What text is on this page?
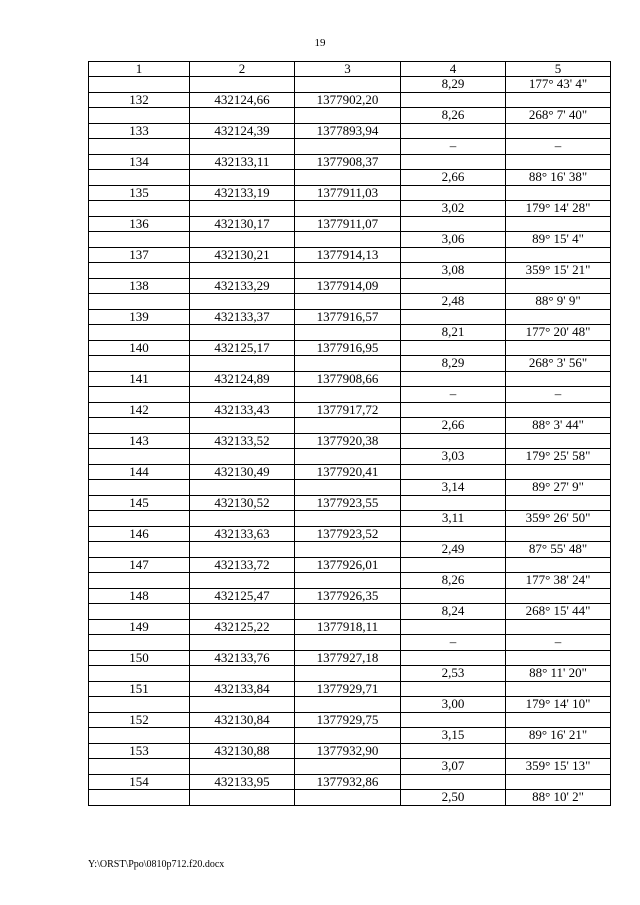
19
1	2	3	4	5
			8,29	177° 43' 4"
132	432124,66	1377902,20		
			8,26	268° 7' 40"
133	432124,39	1377893,94		
			–	–
134	432133,11	1377908,37		
			2,66	88° 16' 38"
135	432133,19	1377911,03		
			3,02	179° 14' 28"
136	432130,17	1377911,07		
			3,06	89° 15' 4"
137	432130,21	1377914,13		
			3,08	359° 15' 21"
138	432133,29	1377914,09		
			2,48	88° 9' 9"
139	432133,37	1377916,57		
			8,21	177° 20' 48"
140	432125,17	1377916,95		
			8,29	268° 3' 56"
141	432124,89	1377908,66		
			–	–
142	432133,43	1377917,72		
			2,66	88° 3' 44"
143	432133,52	1377920,38		
			3,03	179° 25' 58"
144	432130,49	1377920,41		
			3,14	89° 27' 9"
145	432130,52	1377923,55		
			3,11	359° 26' 50"
146	432133,63	1377923,52		
			2,49	87° 55' 48"
147	432133,72	1377926,01		
			8,26	177° 38' 24"
148	432125,47	1377926,35		
			8,24	268° 15' 44"
149	432125,22	1377918,11		
			–	–
150	432133,76	1377927,18		
			2,53	88° 11' 20"
151	432133,84	1377929,71		
			3,00	179° 14' 10"
152	432130,84	1377929,75		
			3,15	89° 16' 21"
153	432130,88	1377932,90		
			3,07	359° 15' 13"
154	432133,95	1377932,86		
			2,50	88° 10' 2"
Y:\ORST\Ppo\0810p712.f20.docx
